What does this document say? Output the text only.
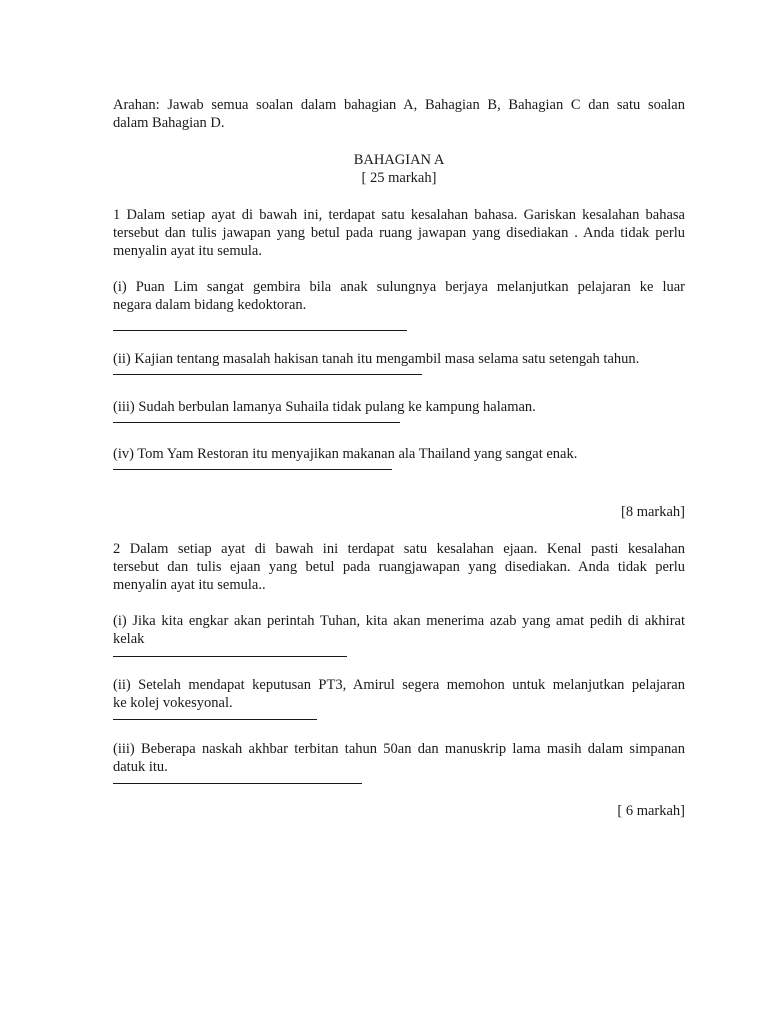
Arahan: Jawab semua soalan dalam bahagian A, Bahagian B, Bahagian C dan satu soalan

dalam Bahagian D.

BAHAGIAN A

[ 25 markah]

1 Dalam setiap ayat di bawah ini, terdapat satu kesalahan bahasa. Gariskan kesalahan bahasa

tersebut dan tulis jawapan yang betul pada ruang jawapan yang disediakan . Anda tidak perlu

menyalin ayat itu semula.

(i) Puan Lim sangat gembira bila anak sulungnya berjaya melanjutkan pelajaran ke luar

negara dalam bidang kedoktoran.

(ii) Kajian tentang masalah hakisan tanah itu mengambil masa selama satu setengah tahun.

(iii) Sudah berbulan lamanya Suhaila tidak pulang ke kampung halaman.

(iv) Tom Yam Restoran itu menyajikan makanan ala Thailand yang sangat enak.

[8 markah]

2 Dalam setiap ayat di bawah ini terdapat satu kesalahan ejaan. Kenal pasti kesalahan

tersebut dan tulis ejaan yang betul pada ruangjawapan yang disediakan. Anda tidak perlu

menyalin ayat itu semula..

(i) Jika kita engkar akan perintah Tuhan, kita akan menerima azab yang amat pedih di akhirat

kelak

(ii) Setelah mendapat keputusan PT3, Amirul segera memohon untuk melanjutkan pelajaran

ke kolej vokesyonal.

(iii) Beberapa naskah akhbar terbitan tahun 50an dan manuskrip lama masih dalam simpanan

datuk itu.

[ 6 markah]
